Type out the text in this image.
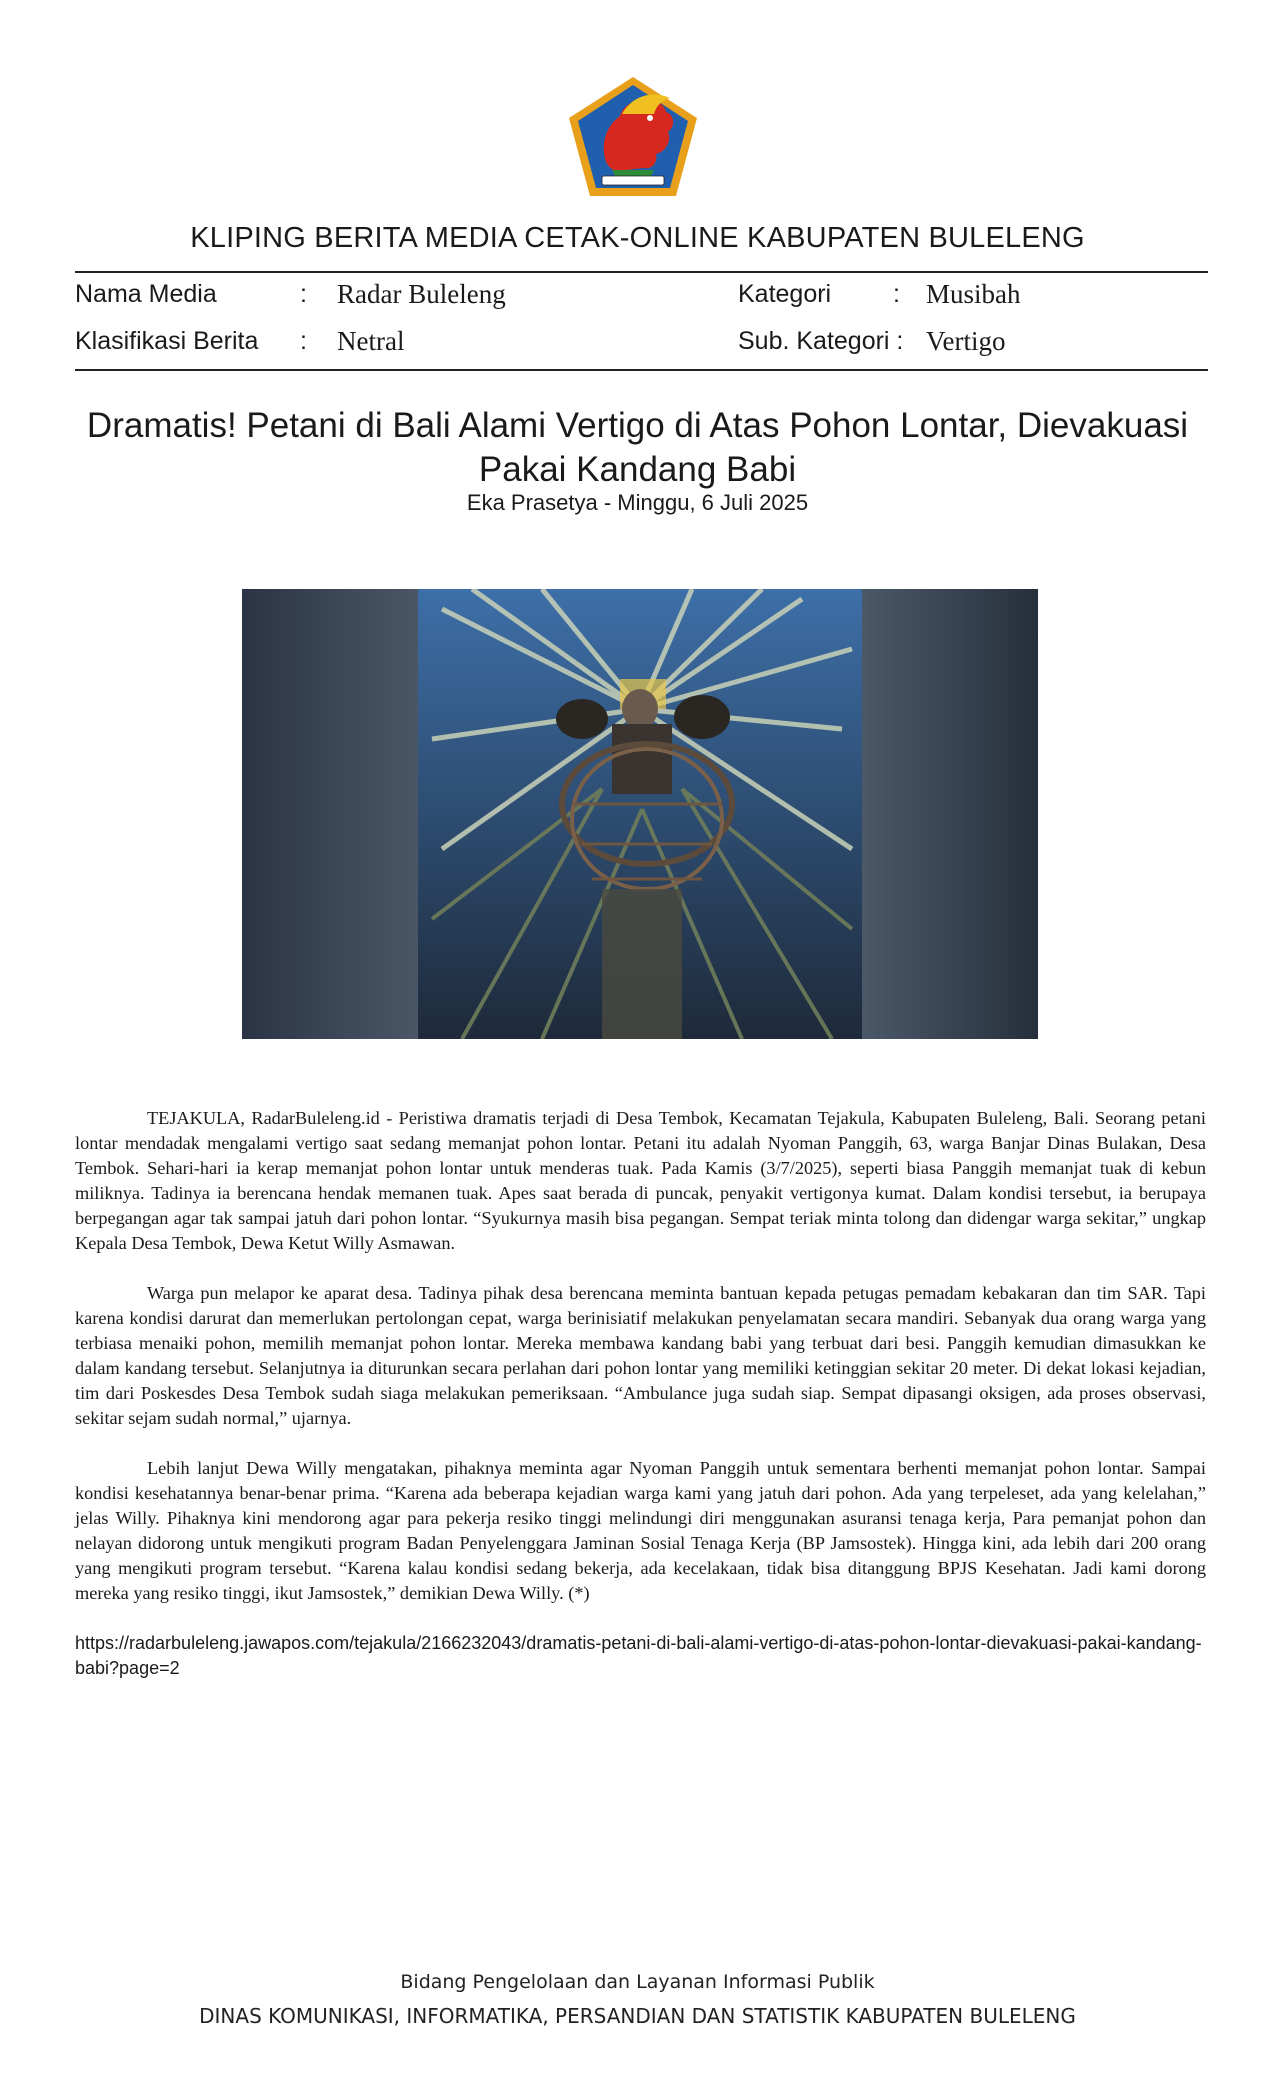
KLIPING BERITA MEDIA CETAK-ONLINE KABUPATEN BULELENG
Nama Media	: Radar Buleleng	Kategori : Musibah
Klasifikasi Berita : Netral	Sub. Kategori : Vertigo
Dramatis! Petani di Bali Alami Vertigo di Atas Pohon Lontar, Dievakuasi Pakai Kandang Babi
Eka Prasetya - Minggu, 6 Juli 2025

TEJAKULA, RadarBuleleng.id - Peristiwa dramatis terjadi di Desa Tembok, Kecamatan Tejakula, Kabupaten Buleleng, Bali. Seorang petani lontar mendadak mengalami vertigo saat sedang memanjat pohon lontar. Petani itu adalah Nyoman Panggih, 63, warga Banjar Dinas Bulakan, Desa Tembok. Sehari-hari ia kerap memanjat pohon lontar untuk menderas tuak. Pada Kamis (3/7/2025), seperti biasa Panggih memanjat tuak di kebun miliknya. Tadinya ia berencana hendak memanen tuak. Apes saat berada di puncak, penyakit vertigonya kumat. Dalam kondisi tersebut, ia berupaya berpegangan agar tak sampai jatuh dari pohon lontar. “Syukurnya masih bisa pegangan. Sempat teriak minta tolong dan didengar warga sekitar,” ungkap Kepala Desa Tembok, Dewa Ketut Willy Asmawan.

Warga pun melapor ke aparat desa. Tadinya pihak desa berencana meminta bantuan kepada petugas pemadam kebakaran dan tim SAR. Tapi karena kondisi darurat dan memerlukan pertolongan cepat, warga berinisiatif melakukan penyelamatan secara mandiri. Sebanyak dua orang warga yang terbiasa menaiki pohon, memilih memanjat pohon lontar. Mereka membawa kandang babi yang terbuat dari besi. Panggih kemudian dimasukkan ke dalam kandang tersebut. Selanjutnya ia diturunkan secara perlahan dari pohon lontar yang memiliki ketinggian sekitar 20 meter. Di dekat lokasi kejadian, tim dari Poskesdes Desa Tembok sudah siaga melakukan pemeriksaan. “Ambulance juga sudah siap. Sempat dipasangi oksigen, ada proses observasi, sekitar sejam sudah normal,” ujarnya.

Lebih lanjut Dewa Willy mengatakan, pihaknya meminta agar Nyoman Panggih untuk sementara berhenti memanjat pohon lontar. Sampai kondisi kesehatannya benar-benar prima. “Karena ada beberapa kejadian warga kami yang jatuh dari pohon. Ada yang terpeleset, ada yang kelelahan,” jelas Willy. Pihaknya kini mendorong agar para pekerja resiko tinggi melindungi diri menggunakan asuransi tenaga kerja, Para pemanjat pohon dan nelayan didorong untuk mengikuti program Badan Penyelenggara Jaminan Sosial Tenaga Kerja (BP Jamsostek). Hingga kini, ada lebih dari 200 orang yang mengikuti program tersebut. “Karena kalau kondisi sedang bekerja, ada kecelakaan, tidak bisa ditanggung BPJS Kesehatan. Jadi kami dorong mereka yang resiko tinggi, ikut Jamsostek,” demikian Dewa Willy. (*)

https://radarbuleleng.jawapos.com/tejakula/2166232043/dramatis-petani-di-bali-alami-vertigo-di-atas-pohon-lontar-dievakuasi-pakai-kandang-babi?page=2

Bidang Pengelolaan dan Layanan Informasi Publik
DINAS KOMUNIKASI, INFORMATIKA, PERSANDIAN DAN STATISTIK KABUPATEN BULELENG
